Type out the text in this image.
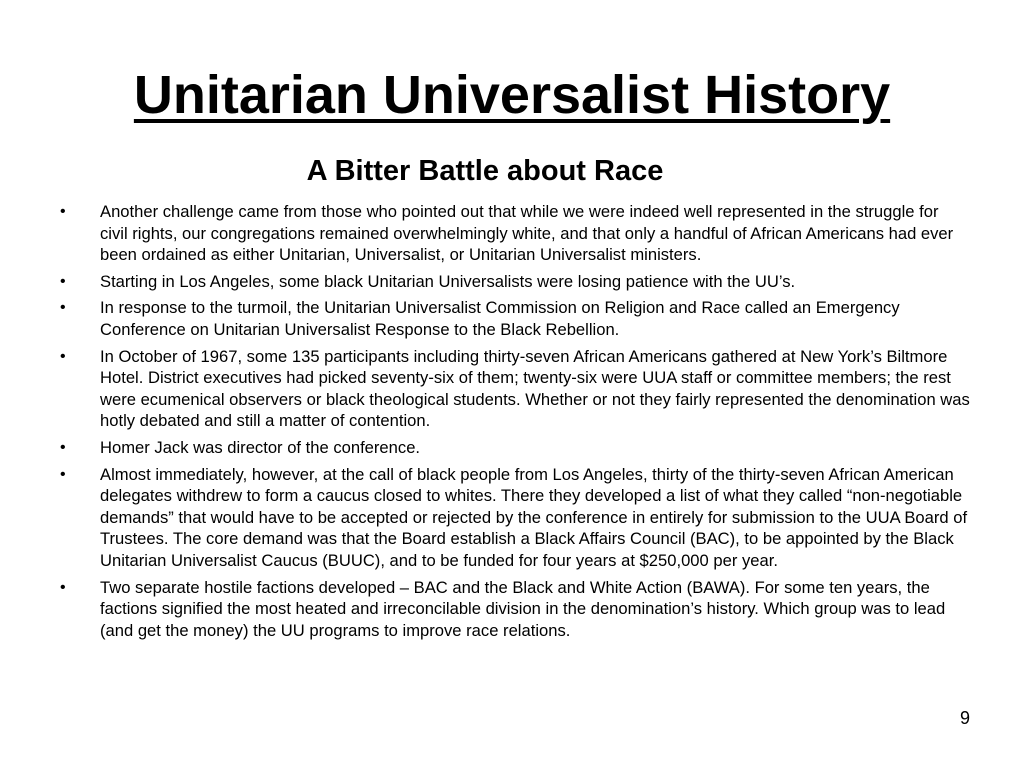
Unitarian Universalist History
A Bitter Battle about Race
• Another challenge came from those who pointed out that while we were indeed well represented in the struggle for civil rights, our congregations remained overwhelmingly white, and that only a handful of African Americans had ever been ordained as either Unitarian, Universalist, or Unitarian Universalist ministers.
• Starting in Los Angeles, some black Unitarian Universalists were losing patience with the UU’s.
• In response to the turmoil, the Unitarian Universalist Commission on Religion and Race called an Emergency Conference on Unitarian Universalist Response to the Black Rebellion.
• In October of 1967, some 135 participants including thirty-seven African Americans gathered at New York’s Biltmore Hotel. District executives had picked seventy-six of them; twenty-six were UUA staff or committee members; the rest were ecumenical observers or black theological students. Whether or not they fairly represented the denomination was hotly debated and still a matter of contention.
• Homer Jack was director of the conference.
• Almost immediately, however, at the call of black people from Los Angeles, thirty of the thirty-seven African American delegates withdrew to form a caucus closed to whites. There they developed a list of what they called “non-negotiable demands” that would have to be accepted or rejected by the conference in entirely for submission to the UUA Board of Trustees. The core demand was that the Board establish a Black Affairs Council (BAC), to be appointed by the Black Unitarian Universalist Caucus (BUUC), and to be funded for four years at $250,000 per year.
• Two separate hostile factions developed – BAC and the Black and White Action (BAWA). For some ten years, the factions signified the most heated and irreconcilable division in the denomination’s history. Which group was to lead (and get the money) the UU programs to improve race relations.
9
